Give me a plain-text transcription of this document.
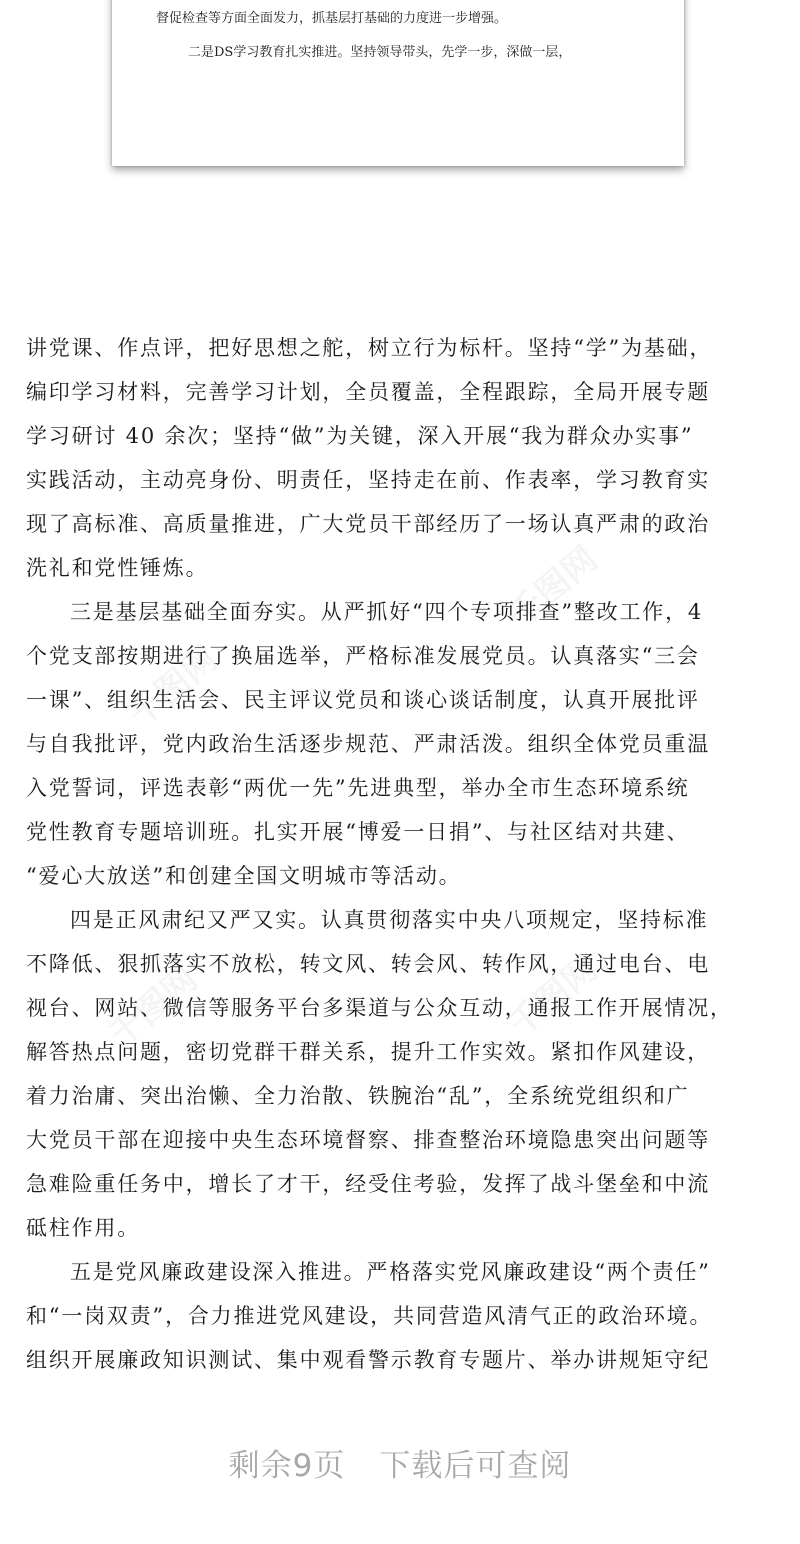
督促检查等方面全面发力，抓基层打基础的力度进一步增强。
二是DS学习教育扎实推进。坚持领导带头，先学一步，深做一层，
千图网
千图网
千图网
千图网
讲党课、作点评，把好思想之舵，树立行为标杆。坚持“学”为基础，
编印学习材料，完善学习计划，全员覆盖，全程跟踪，全局开展专题
学习研讨 40 余次；坚持“做”为关键，深入开展“我为群众办实事”
实践活动，主动亮身份、明责任，坚持走在前、作表率，学习教育实
现了高标准、高质量推进，广大党员干部经历了一场认真严肃的政治
洗礼和党性锤炼。
三是基层基础全面夯实。从严抓好“四个专项排查”整改工作，4
个党支部按期进行了换届选举，严格标准发展党员。认真落实“三会
一课”、组织生活会、民主评议党员和谈心谈话制度，认真开展批评
与自我批评，党内政治生活逐步规范、严肃活泼。组织全体党员重温
入党誓词，评选表彰“两优一先”先进典型，举办全市生态环境系统
党性教育专题培训班。扎实开展“博爱一日捐”、与社区结对共建、
“爱心大放送”和创建全国文明城市等活动。
四是正风肃纪又严又实。认真贯彻落实中央八项规定，坚持标准
不降低、狠抓落实不放松，转文风、转会风、转作风，通过电台、电
视台、网站、微信等服务平台多渠道与公众互动，通报工作开展情况，
解答热点问题，密切党群干群关系，提升工作实效。紧扣作风建设，
着力治庸、突出治懒、全力治散、铁腕治“乱”，全系统党组织和广
大党员干部在迎接中央生态环境督察、排查整治环境隐患突出问题等
急难险重任务中，增长了才干，经受住考验，发挥了战斗堡垒和中流
砥柱作用。
五是党风廉政建设深入推进。严格落实党风廉政建设“两个责任”
和“一岗双责”，合力推进党风建设，共同营造风清气正的政治环境。
组织开展廉政知识测试、集中观看警示教育专题片、举办讲规矩守纪
剩余9页 下载后可查阅
